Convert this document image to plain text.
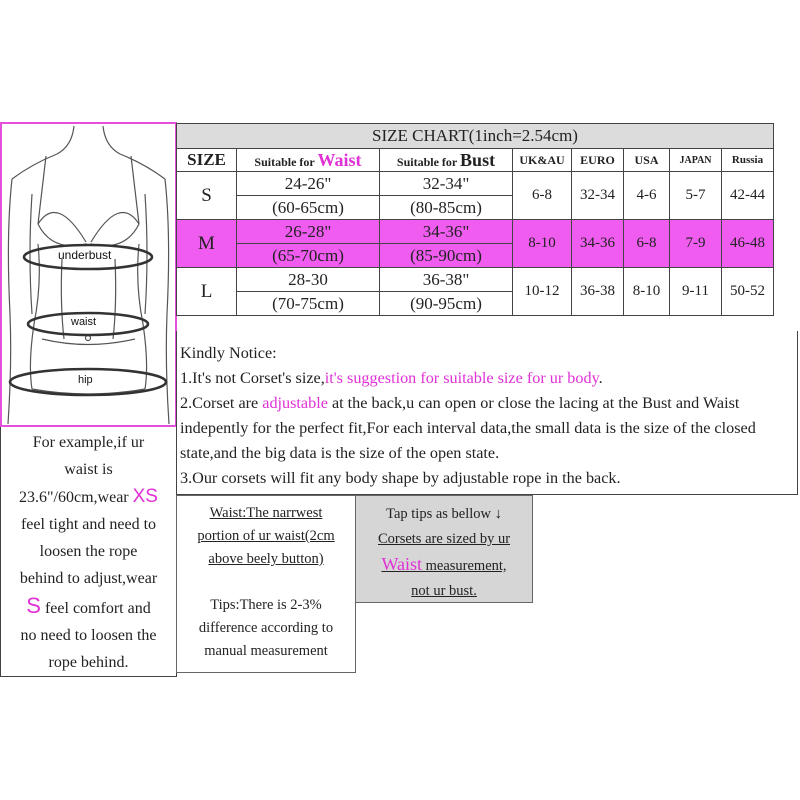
underbust
waist
hip
For example,if ur
waist is
23.6"/60cm,wear XS
feel tight and need to
loosen the rope
behind to adjust,wear
S feel comfort and
no need to loosen the
rope behind.
SIZE CHART(1inch=2.54cm)							
SIZE	Suitable for Waist	Suitable for Bust	UK&AU	EURO	USA	JAPAN	Russia
S	24-26"	32-34"	6-8	32-34	4-6	5-7	42-44
	(60-65cm)	(80-85cm)					
M	26-28"	34-36"	8-10	34-36	6-8	7-9	46-48
	(65-70cm)	(85-90cm)					
L	28-30	36-38"	10-12	36-38	8-10	9-11	50-52
	(70-75cm)	(90-95cm)					
Kindly Notice:
1.It's not Corset's size,it's suggestion for suitable size for ur body.
2.Corset are adjustable at the back,u can open or close the lacing at the Bust and Waist indepently for the perfect fit,For each interval data,the small data is the size of the closed state,and the big data is the size of the open state.
3.Our corsets will fit any body shape by adjustable rope in the back.
Waist:The narrwest
portion of ur waist(2cm
above beely button)
Tips:There is 2-3%
difference according to
manual measurement
Tap tips as bellow ↓
Corsets are sized by ur
Waist measurement,
not ur bust.
